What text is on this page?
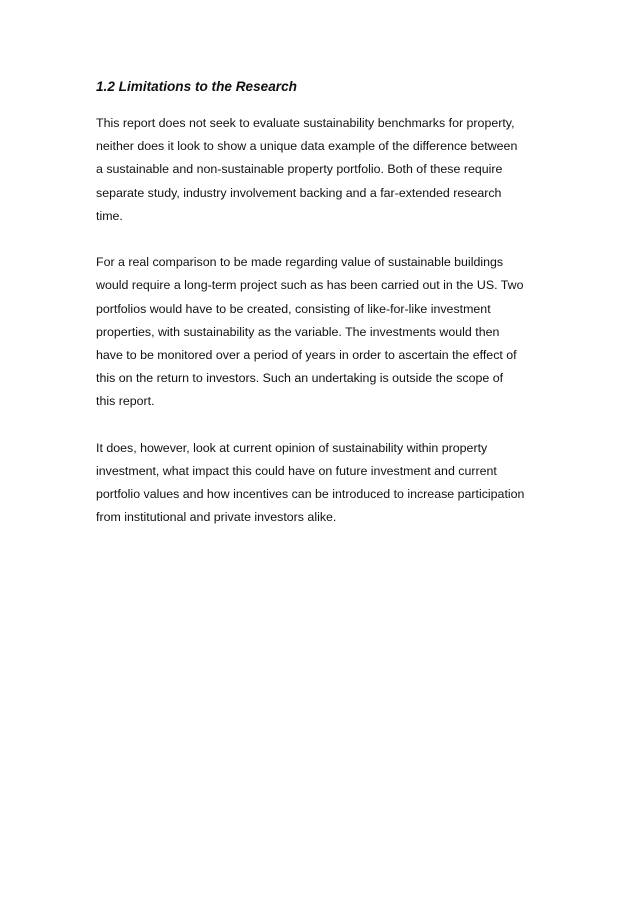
1.2 Limitations to the Research

This report does not seek to evaluate sustainability benchmarks for property,
neither does it look to show a unique data example of the difference between
a sustainable and non-sustainable property portfolio. Both of these require
separate study, industry involvement backing and a far-extended research
time.

For a real comparison to be made regarding value of sustainable buildings
would require a long-term project such as has been carried out in the US. Two
portfolios would have to be created, consisting of like-for-like investment
properties, with sustainability as the variable. The investments would then
have to be monitored over a period of years in order to ascertain the effect of
this on the return to investors. Such an undertaking is outside the scope of
this report.

It does, however, look at current opinion of sustainability within property
investment, what impact this could have on future investment and current
portfolio values and how incentives can be introduced to increase participation
from institutional and private investors alike.
